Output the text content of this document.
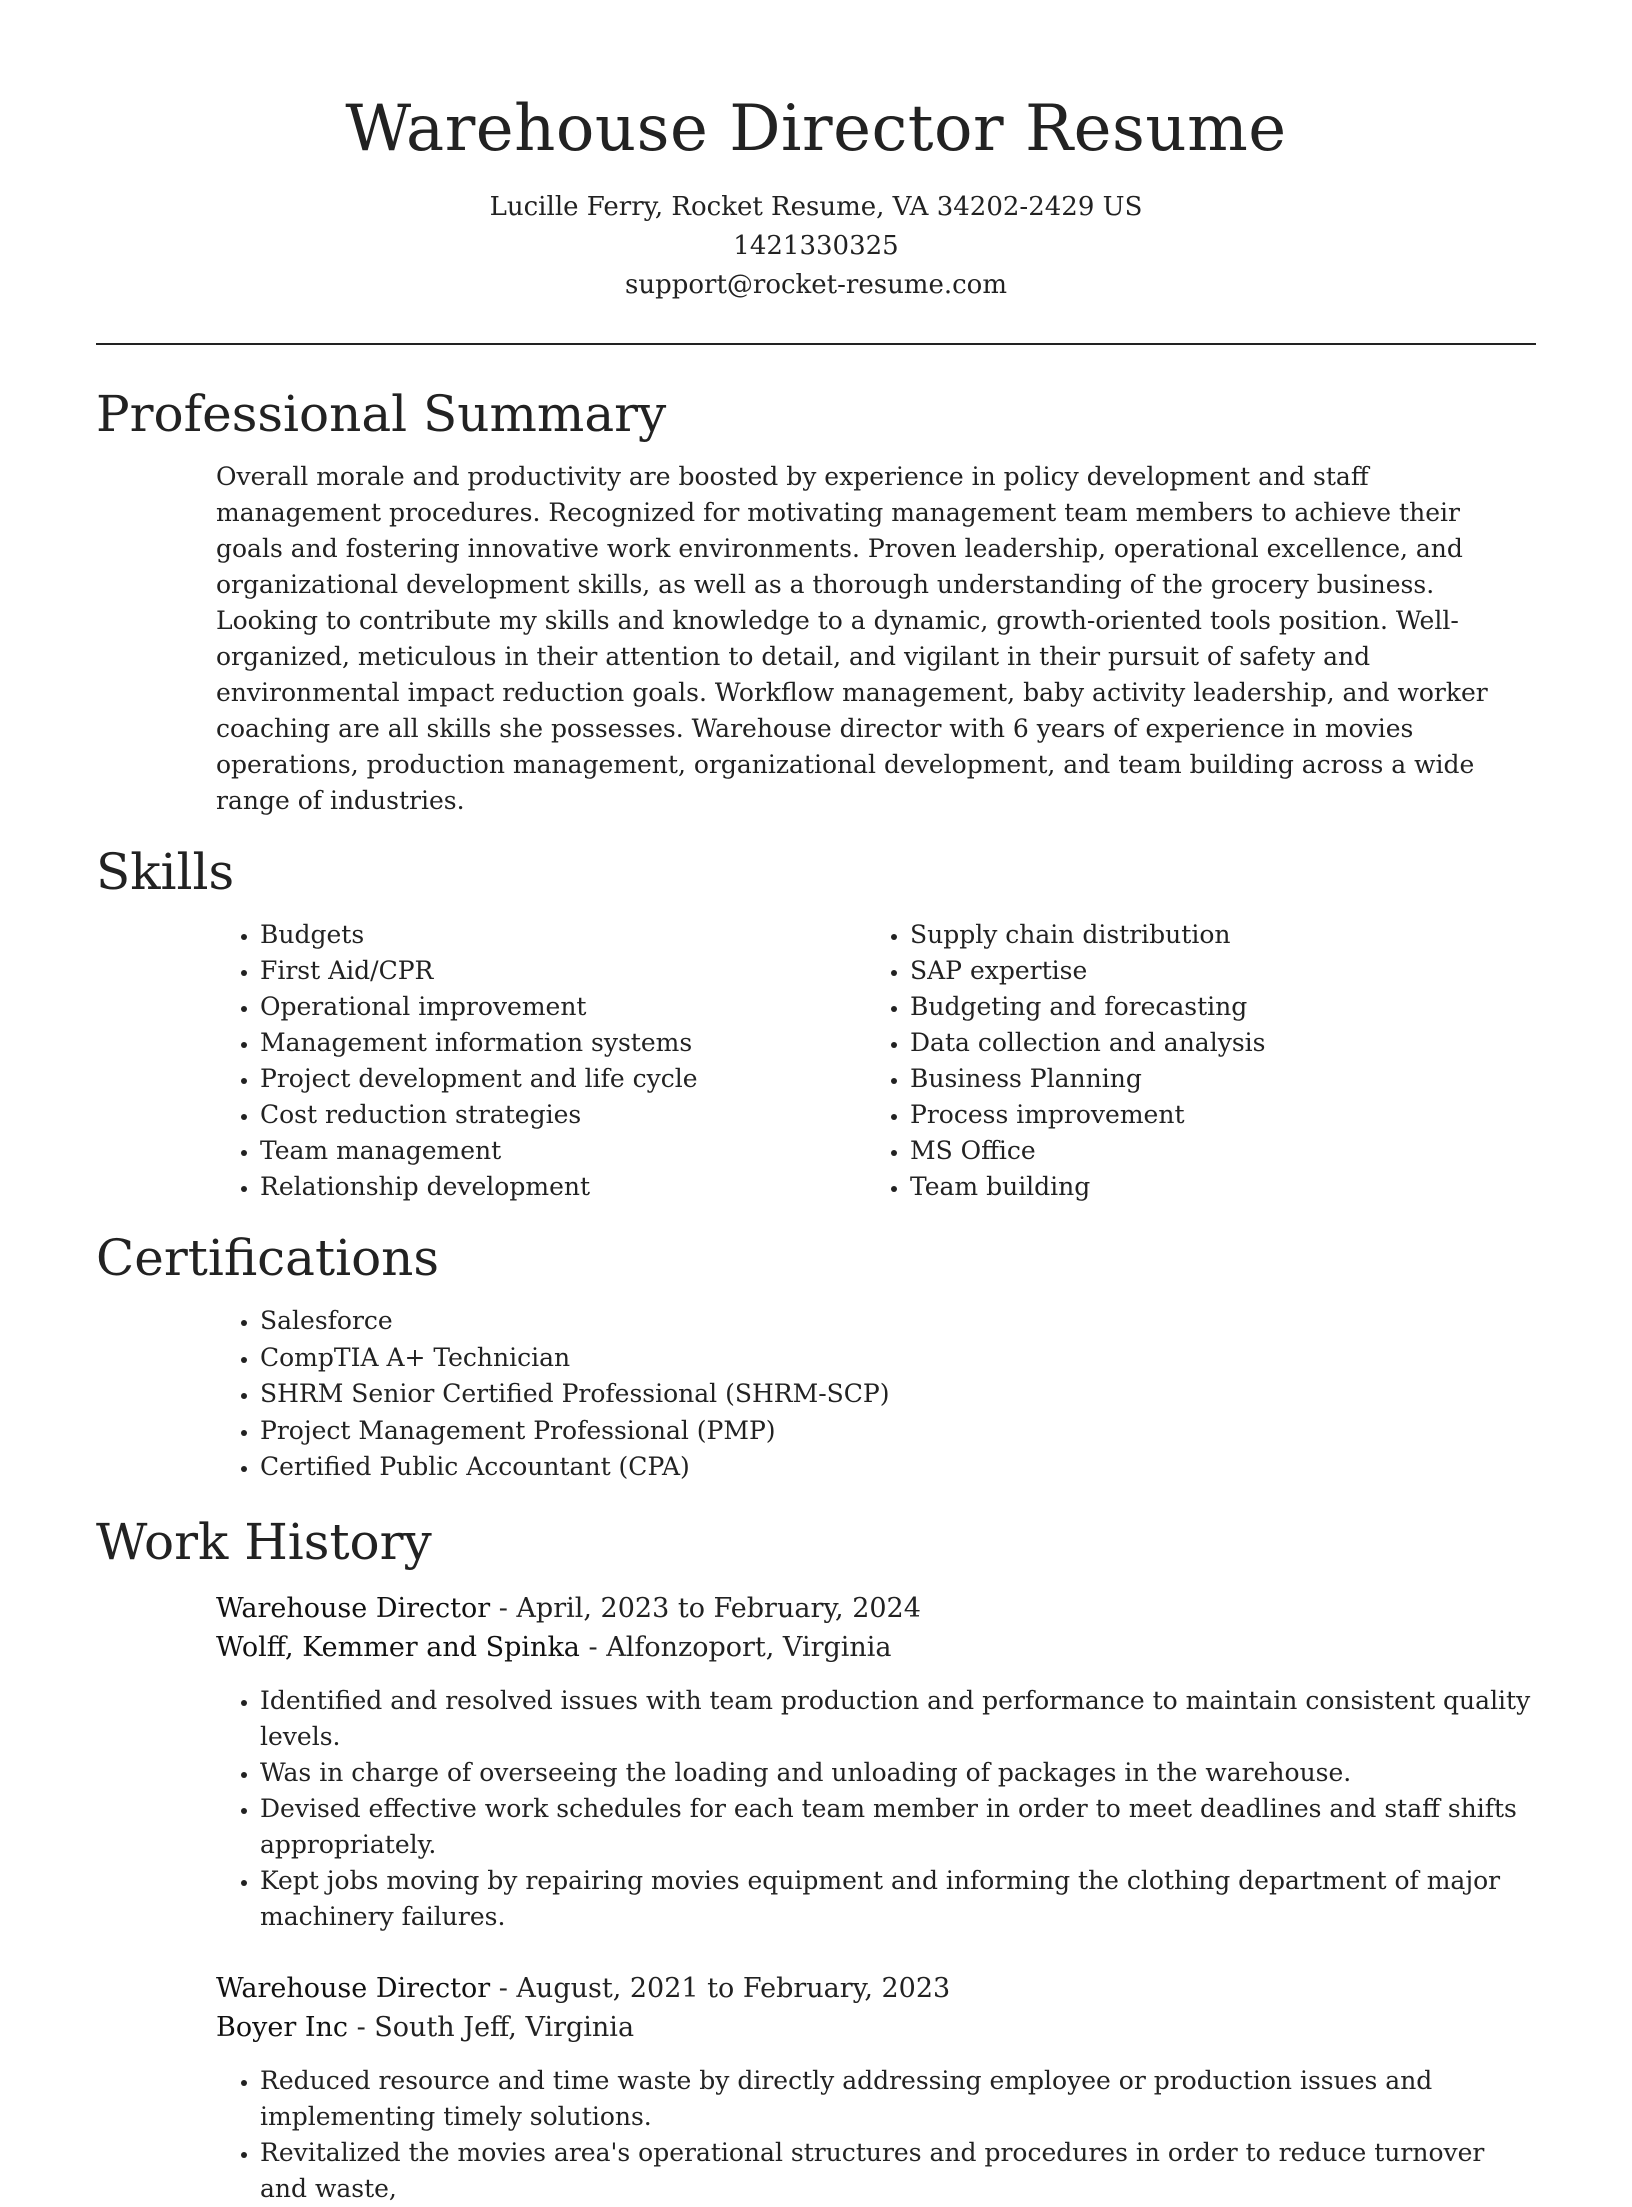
Warehouse Director Resume
Lucille Ferry, Rocket Resume, VA 34202-2429 US
1421330325
support@rocket-resume.com
Professional Summary
Overall morale and productivity are boosted by experience in policy development and staff management procedures. Recognized for motivating management team members to achieve their goals and fostering innovative work environments. Proven leadership, operational excellence, and organizational development skills, as well as a thorough understanding of the grocery business. Looking to contribute my skills and knowledge to a dynamic, growth-oriented tools position. Well-organized, meticulous in their attention to detail, and vigilant in their pursuit of safety and environmental impact reduction goals. Workflow management, baby activity leadership, and worker coaching are all skills she possesses. Warehouse director with 6 years of experience in movies operations, production management, organizational development, and team building across a wide range of industries.
Skills
• Budgets
• First Aid/CPR
• Operational improvement
• Management information systems
• Project development and life cycle
• Cost reduction strategies
• Team management
• Relationship development
• Supply chain distribution
• SAP expertise
• Budgeting and forecasting
• Data collection and analysis
• Business Planning
• Process improvement
• MS Office
• Team building
Certifications
• Salesforce
• CompTIA A+ Technician
• SHRM Senior Certified Professional (SHRM-SCP)
• Project Management Professional (PMP)
• Certified Public Accountant (CPA)
Work History
Warehouse Director - April, 2023 to February, 2024
Wolff, Kemmer and Spinka - Alfonzoport, Virginia
• Identified and resolved issues with team production and performance to maintain consistent quality levels.
• Was in charge of overseeing the loading and unloading of packages in the warehouse.
• Devised effective work schedules for each team member in order to meet deadlines and staff shifts appropriately.
• Kept jobs moving by repairing movies equipment and informing the clothing department of major machinery failures.
Warehouse Director - August, 2021 to February, 2023
Boyer Inc - South Jeff, Virginia
• Reduced resource and time waste by directly addressing employee or production issues and implementing timely solutions.
• Revitalized the movies area's operational structures and procedures in order to reduce turnover and waste,
